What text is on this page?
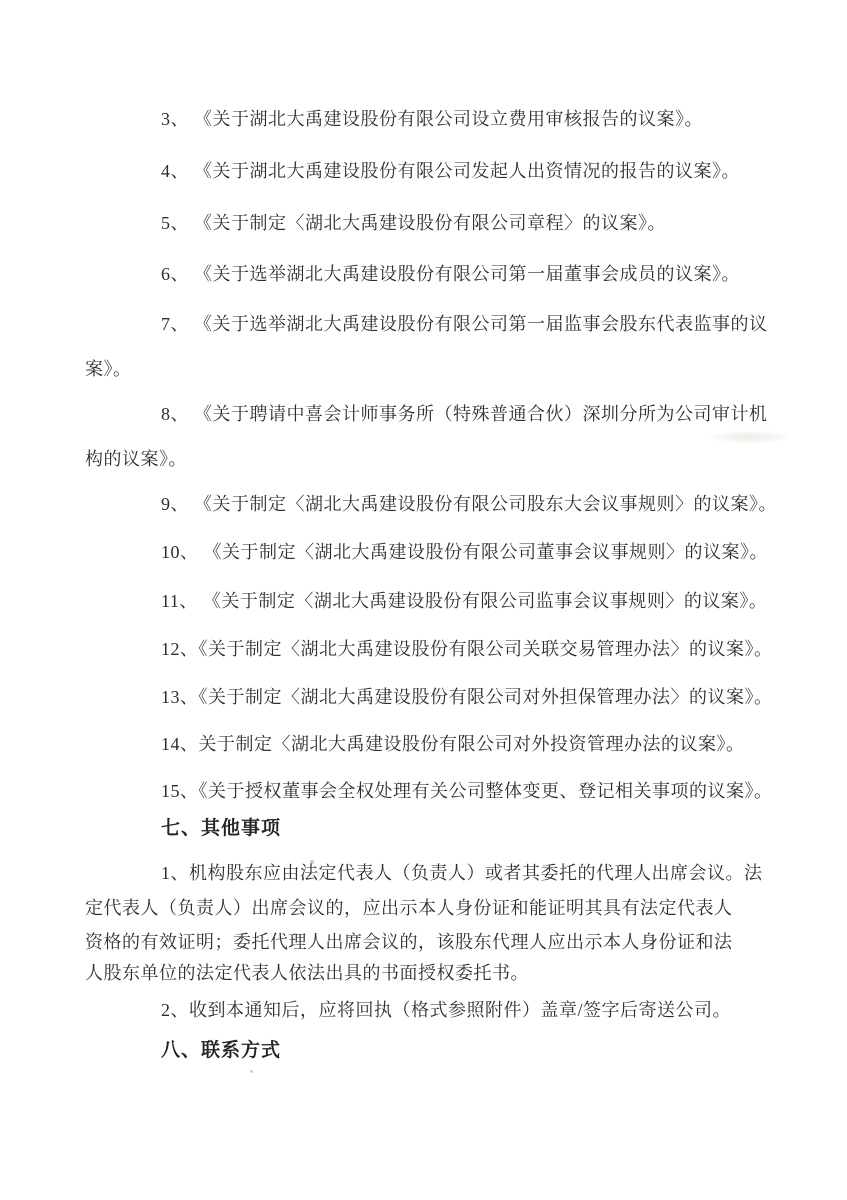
3、 《关于湖北大禹建设股份有限公司设立费用审核报告的议案》。
4、 《关于湖北大禹建设股份有限公司发起人出资情况的报告的议案》。
5、 《关于制定〈湖北大禹建设股份有限公司章程〉的议案》。
6、 《关于选举湖北大禹建设股份有限公司第一届董事会成员的议案》。
7、 《关于选举湖北大禹建设股份有限公司第一届监事会股东代表监事的议
案》。
8、 《关于聘请中喜会计师事务所（特殊普通合伙）深圳分所为公司审计机
构的议案》。
9、 《关于制定〈湖北大禹建设股份有限公司股东大会议事规则〉的议案》。
10、 《关于制定〈湖北大禹建设股份有限公司董事会议事规则〉的议案》。
11、 《关于制定〈湖北大禹建设股份有限公司监事会议事规则〉的议案》。
12、《关于制定〈湖北大禹建设股份有限公司关联交易管理办法〉的议案》。
13、《关于制定〈湖北大禹建设股份有限公司对外担保管理办法〉的议案》。
14、关于制定〈湖北大禹建设股份有限公司对外投资管理办法的议案》。
15、《关于授权董事会全权处理有关公司整体变更、登记相关事项的议案》。
七、其他事项
1、机构股东应由法定代表人（负责人）或者其委托的代理人出席会议。法
定代表人（负责人）出席会议的，应出示本人身份证和能证明其具有法定代表人
资格的有效证明；委托代理人出席会议的，该股东代理人应出示本人身份证和法
人股东单位的法定代表人依法出具的书面授权委托书。
2、收到本通知后，应将回执（格式参照附件）盖章/签字后寄送公司。
八、联系方式
